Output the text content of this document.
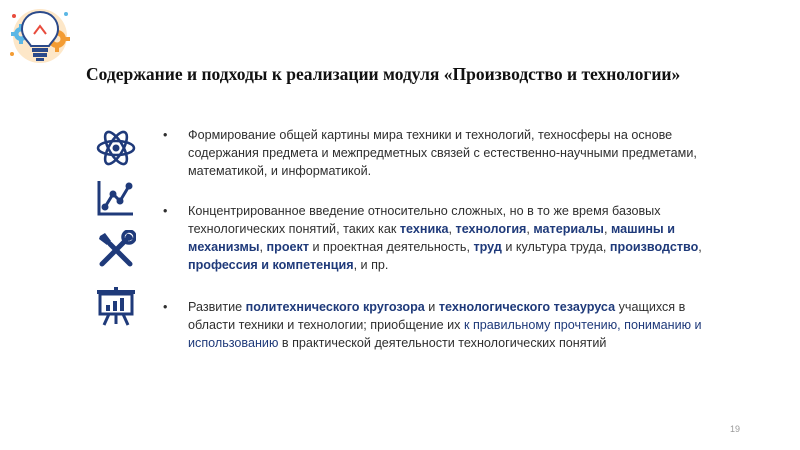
Содержание и подходы к реализации модуля «Производство и технологии»
• Формирование общей картины мира техники и технологий, техносферы на основе содержания предмета и межпредметных связей с естественно-научными предметами, математикой, и информатикой.
• Концентрированное введение относительно сложных, но в то же время базовых технологических понятий, таких как техника, технология, материалы, машины и механизмы, проект и проектная деятельность, труд и культура труда, производство, профессия и компетенция, и пр.
• Развитие политехнического кругозора и технологического тезауруса учащихся в области техники и технологии; приобщение их к правильному прочтению, пониманию и использованию в практической деятельности технологических понятий
19
